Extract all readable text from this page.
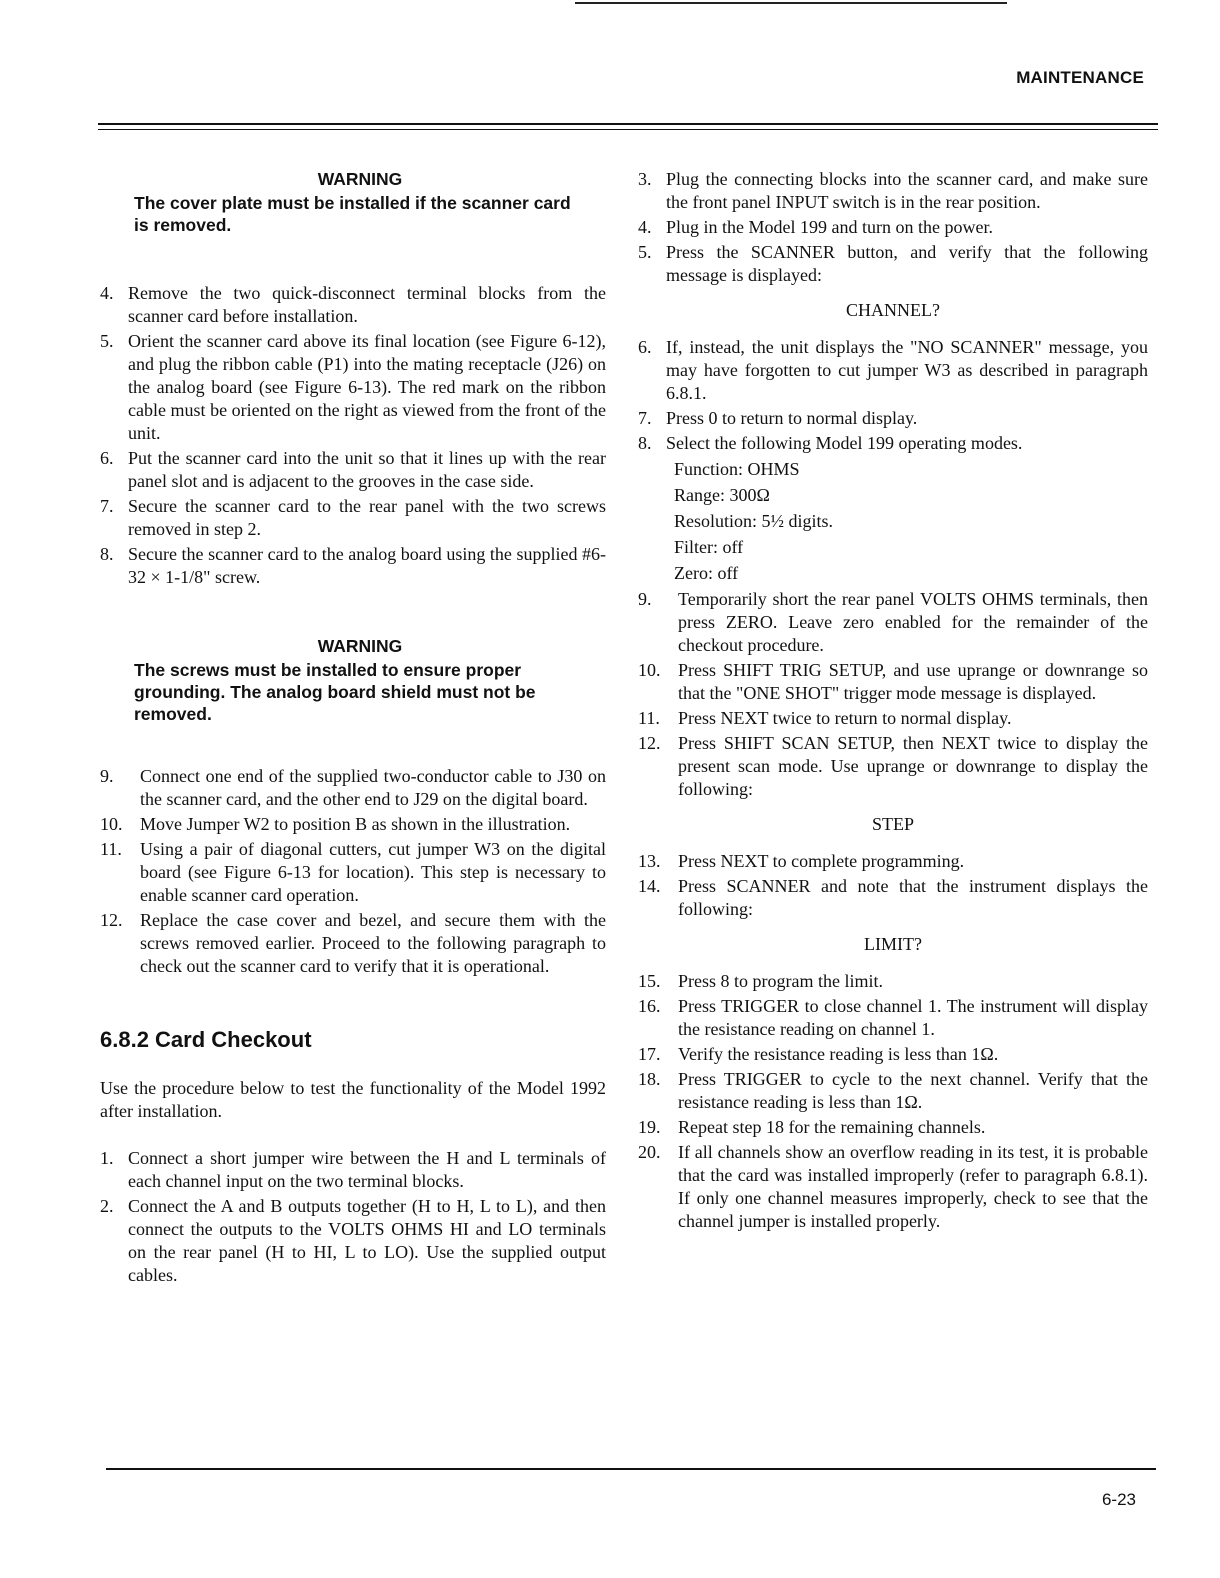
MAINTENANCE
WARNING
The cover plate must be installed if the scanner card is removed.
4. Remove the two quick-disconnect terminal blocks from the scanner card before installation.
5. Orient the scanner card above its final location (see Figure 6-12), and plug the ribbon cable (P1) into the mating receptacle (J26) on the analog board (see Figure 6-13). The red mark on the ribbon cable must be oriented on the right as viewed from the front of the unit.
6. Put the scanner card into the unit so that it lines up with the rear panel slot and is adjacent to the grooves in the case side.
7. Secure the scanner card to the rear panel with the two screws removed in step 2.
8. Secure the scanner card to the analog board using the supplied #6-32 × 1-1/8" screw.
WARNING
The screws must be installed to ensure proper grounding. The analog board shield must not be removed.
9. Connect one end of the supplied two-conductor cable to J30 on the scanner card, and the other end to J29 on the digital board.
10. Move Jumper W2 to position B as shown in the illustration.
11. Using a pair of diagonal cutters, cut jumper W3 on the digital board (see Figure 6-13 for location). This step is necessary to enable scanner card operation.
12. Replace the case cover and bezel, and secure them with the screws removed earlier. Proceed to the following paragraph to check out the scanner card to verify that it is operational.
6.8.2 Card Checkout

Use the procedure below to test the functionality of the Model 1992 after installation.

1. Connect a short jumper wire between the H and L terminals of each channel input on the two terminal blocks.
2. Connect the A and B outputs together (H to H, L to L), and then connect the outputs to the VOLTS OHMS HI and LO terminals on the rear panel (H to HI, L to LO). Use the supplied output cables.
3. Plug the connecting blocks into the scanner card, and make sure the front panel INPUT switch is in the rear position.
4. Plug in the Model 199 and turn on the power.
5. Press the SCANNER button, and verify that the following message is displayed:
CHANNEL?
6. If, instead, the unit displays the "NO SCANNER" message, you may have forgotten to cut jumper W3 as described in paragraph 6.8.1.
7. Press 0 to return to normal display.
8. Select the following Model 199 operating modes.
Function: OHMS
Range: 300Ω
Resolution: 5½ digits.
Filter: off
Zero: off
9. Temporarily short the rear panel VOLTS OHMS terminals, then press ZERO. Leave zero enabled for the remainder of the checkout procedure.
10. Press SHIFT TRIG SETUP, and use uprange or downrange so that the "ONE SHOT" trigger mode message is displayed.
11. Press NEXT twice to return to normal display.
12. Press SHIFT SCAN SETUP, then NEXT twice to display the present scan mode. Use uprange or downrange to display the following:
STEP
13. Press NEXT to complete programming.
14. Press SCANNER and note that the instrument displays the following:
LIMIT?
15. Press 8 to program the limit.
16. Press TRIGGER to close channel 1. The instrument will display the resistance reading on channel 1.
17. Verify the resistance reading is less than 1Ω.
18. Press TRIGGER to cycle to the next channel. Verify that the resistance reading is less than 1Ω.
19. Repeat step 18 for the remaining channels.
20. If all channels show an overflow reading in its test, it is probable that the card was installed improperly (refer to paragraph 6.8.1). If only one channel measures improperly, check to see that the channel jumper is installed properly.
6-23
